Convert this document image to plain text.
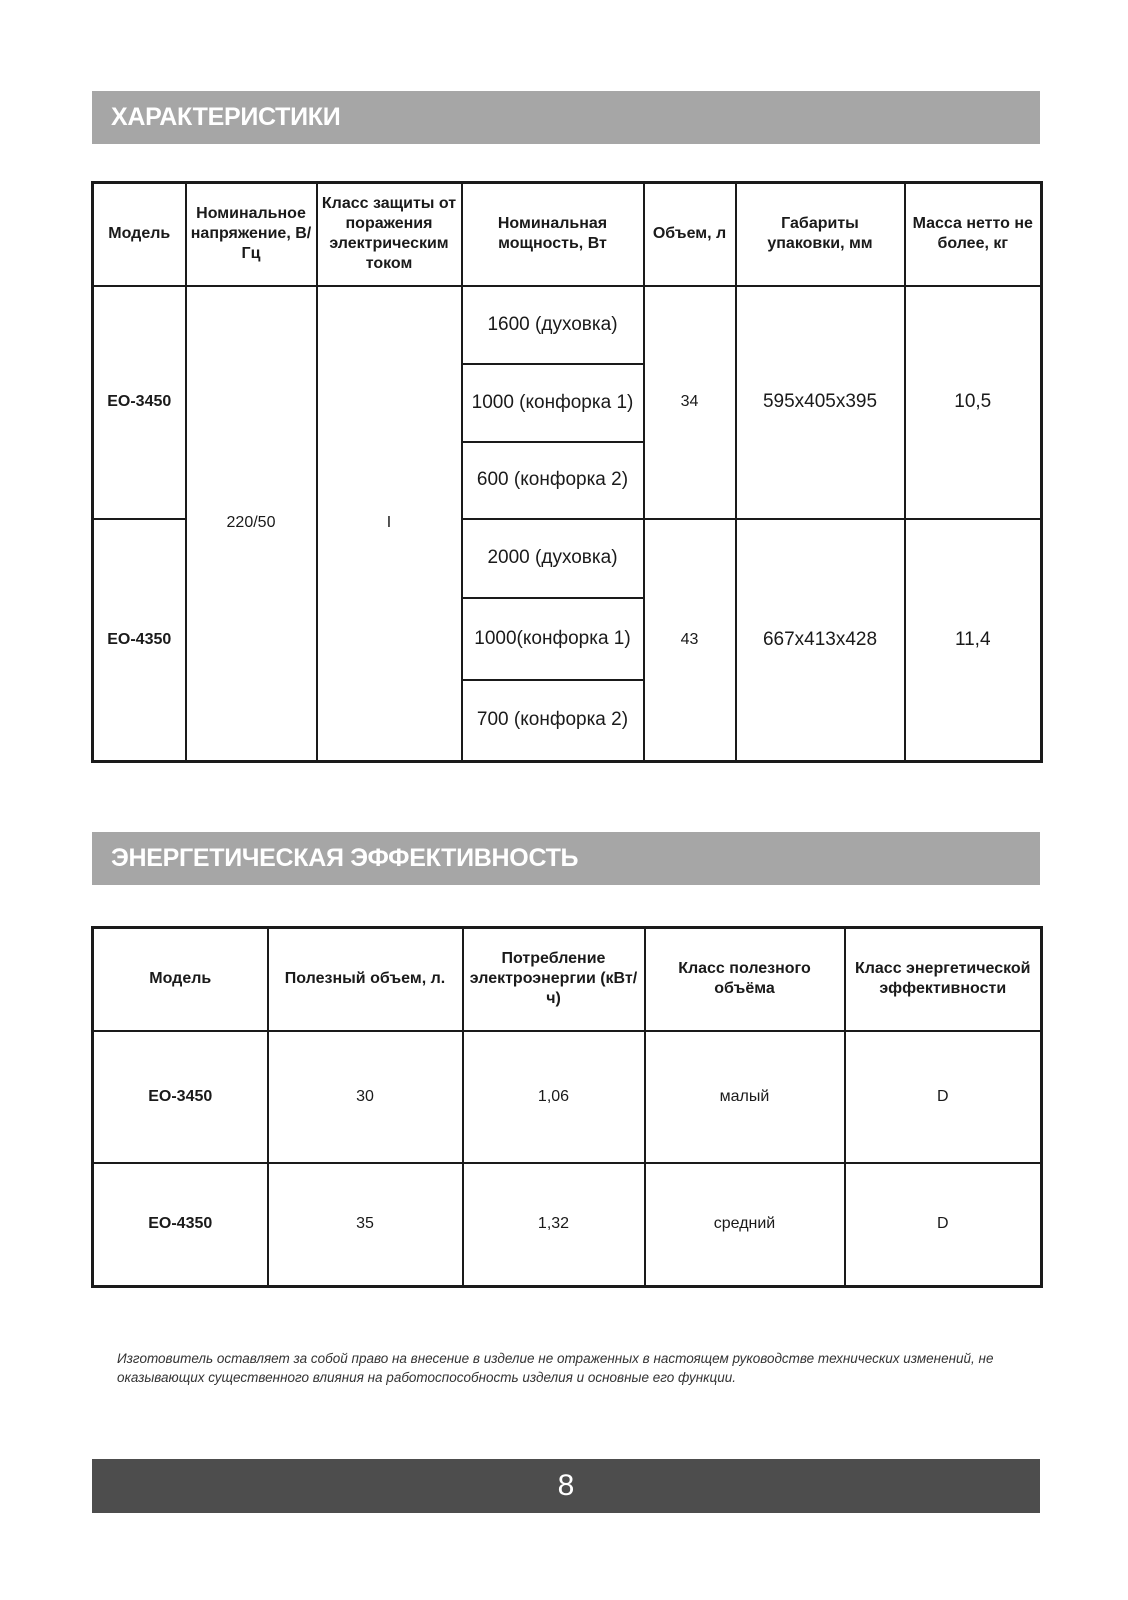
ХАРАКТЕРИСТИКИ
Модель	Номинальное напряжение, В/Гц	Класс защиты от поражения электрическим током	Номинальная мощность, Вт	Объем, л	Габариты упаковки, мм	Масса нетто не более, кг
EO-3450	220/50	I	1600 (духовка)	34	595x405x395	10,5
			1000 (конфорка 1)			
			600 (конфорка 2)			
EO-4350			2000 (духовка)	43	667x413x428	11,4
			1000(конфорка 1)			
			700 (конфорка 2)			
ЭНЕРГЕТИЧЕСКАЯ ЭФФЕКТИВНОСТЬ
Модель	Полезный объем, л.	Потребление электроэнергии (кВт/ч)	Класс полезного объёма	Класс энергетической эффективности
EO-3450	30	1,06	малый	D
EO-4350	35	1,32	средний	D

Изготовитель оставляет за собой право на внесение в изделие не отраженных в настоящем руководстве технических изменений, не оказывающих существенного влияния на работоспособность изделия и основные его функции.

8
